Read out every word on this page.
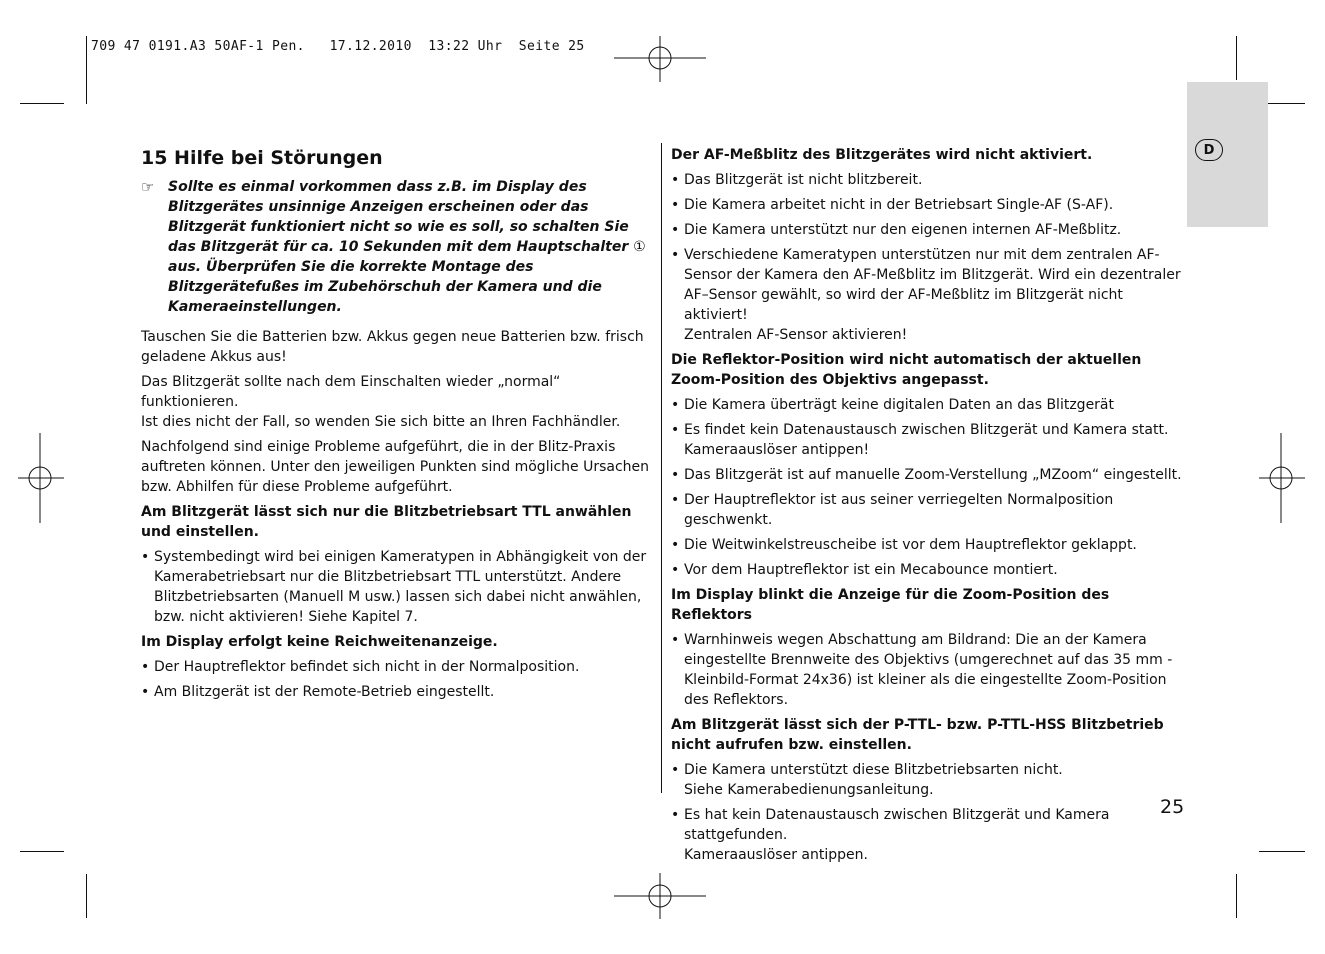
709 47 0191.A3 50AF-1 Pen.   17.12.2010  13:22 Uhr  Seite 25
D
15 Hilfe bei Störungen
☞ Sollte es einmal vorkommen dass z.B. im Display des Blitzgerätes unsinnige Anzeigen erscheinen oder das Blitzgerät funktioniert nicht so wie es soll, so schalten Sie das Blitzgerät für ca. 10 Sekunden mit dem Hauptschalter ① aus. Überprüfen Sie die korrekte Montage des Blitzgerätefußes im Zubehörschuh der Kamera und die Kameraeinstellungen.

Tauschen Sie die Batterien bzw. Akkus gegen neue Batterien bzw. frisch geladene Akkus aus!

Das Blitzgerät sollte nach dem Einschalten wieder „normal“ funktionieren.
Ist dies nicht der Fall, so wenden Sie sich bitte an Ihren Fachhändler.

Nachfolgend sind einige Probleme aufgeführt, die in der Blitz-Praxis auftreten können. Unter den jeweiligen Punkten sind mögliche Ursachen bzw. Abhilfen für diese Probleme aufgeführt.

Am Blitzgerät lässt sich nur die Blitzbetriebsart TTL anwählen und einstellen.
• Systembedingt wird bei einigen Kameratypen in Abhängigkeit von der Kamerabetriebsart nur die Blitzbetriebsart TTL unterstützt. Andere Blitzbetriebsarten (Manuell M usw.) lassen sich dabei nicht anwählen, bzw. nicht aktivieren! Siehe Kapitel 7.
Im Display erfolgt keine Reichweitenanzeige.
• Der Hauptreflektor befindet sich nicht in der Normalposition.
• Am Blitzgerät ist der Remote-Betrieb eingestellt.
Der AF-Meßblitz des Blitzgerätes wird nicht aktiviert.
• Das Blitzgerät ist nicht blitzbereit.
• Die Kamera arbeitet nicht in der Betriebsart Single-AF (S-AF).
• Die Kamera unterstützt nur den eigenen internen AF-Meßblitz.
• Verschiedene Kameratypen unterstützen nur mit dem zentralen AF-Sensor der Kamera den AF-Meßblitz im Blitzgerät. Wird ein dezentraler AF–Sensor gewählt, so wird der AF-Meßblitz im Blitzgerät nicht aktiviert!
Zentralen AF-Sensor aktivieren!
Die Reflektor-Position wird nicht automatisch der aktuellen Zoom-Position des Objektivs angepasst.
• Die Kamera überträgt keine digitalen Daten an das Blitzgerät
• Es findet kein Datenaustausch zwischen Blitzgerät und Kamera statt.
Kameraauslöser antippen!
• Das Blitzgerät ist auf manuelle Zoom-Verstellung „MZoom“ eingestellt.
• Der Hauptreflektor ist aus seiner verriegelten Normalposition geschwenkt.
• Die Weitwinkelstreuscheibe ist vor dem Hauptreflektor geklappt.
• Vor dem Hauptreflektor ist ein Mecabounce montiert.
Im Display blinkt die Anzeige für die Zoom-Position des Reflektors
• Warnhinweis wegen Abschattung am Bildrand: Die an der Kamera eingestellte Brennweite des Objektivs (umgerechnet auf das 35 mm - Kleinbild-Format 24x36) ist kleiner als die eingestellte Zoom-Position des Reflektors.
Am Blitzgerät lässt sich der P-TTL- bzw. P-TTL-HSS Blitzbetrieb nicht aufrufen bzw. einstellen.
• Die Kamera unterstützt diese Blitzbetriebsarten nicht.
Siehe Kamerabedienungsanleitung.
• Es hat kein Datenaustausch zwischen Blitzgerät und Kamera stattgefunden.
Kameraauslöser antippen.
25
